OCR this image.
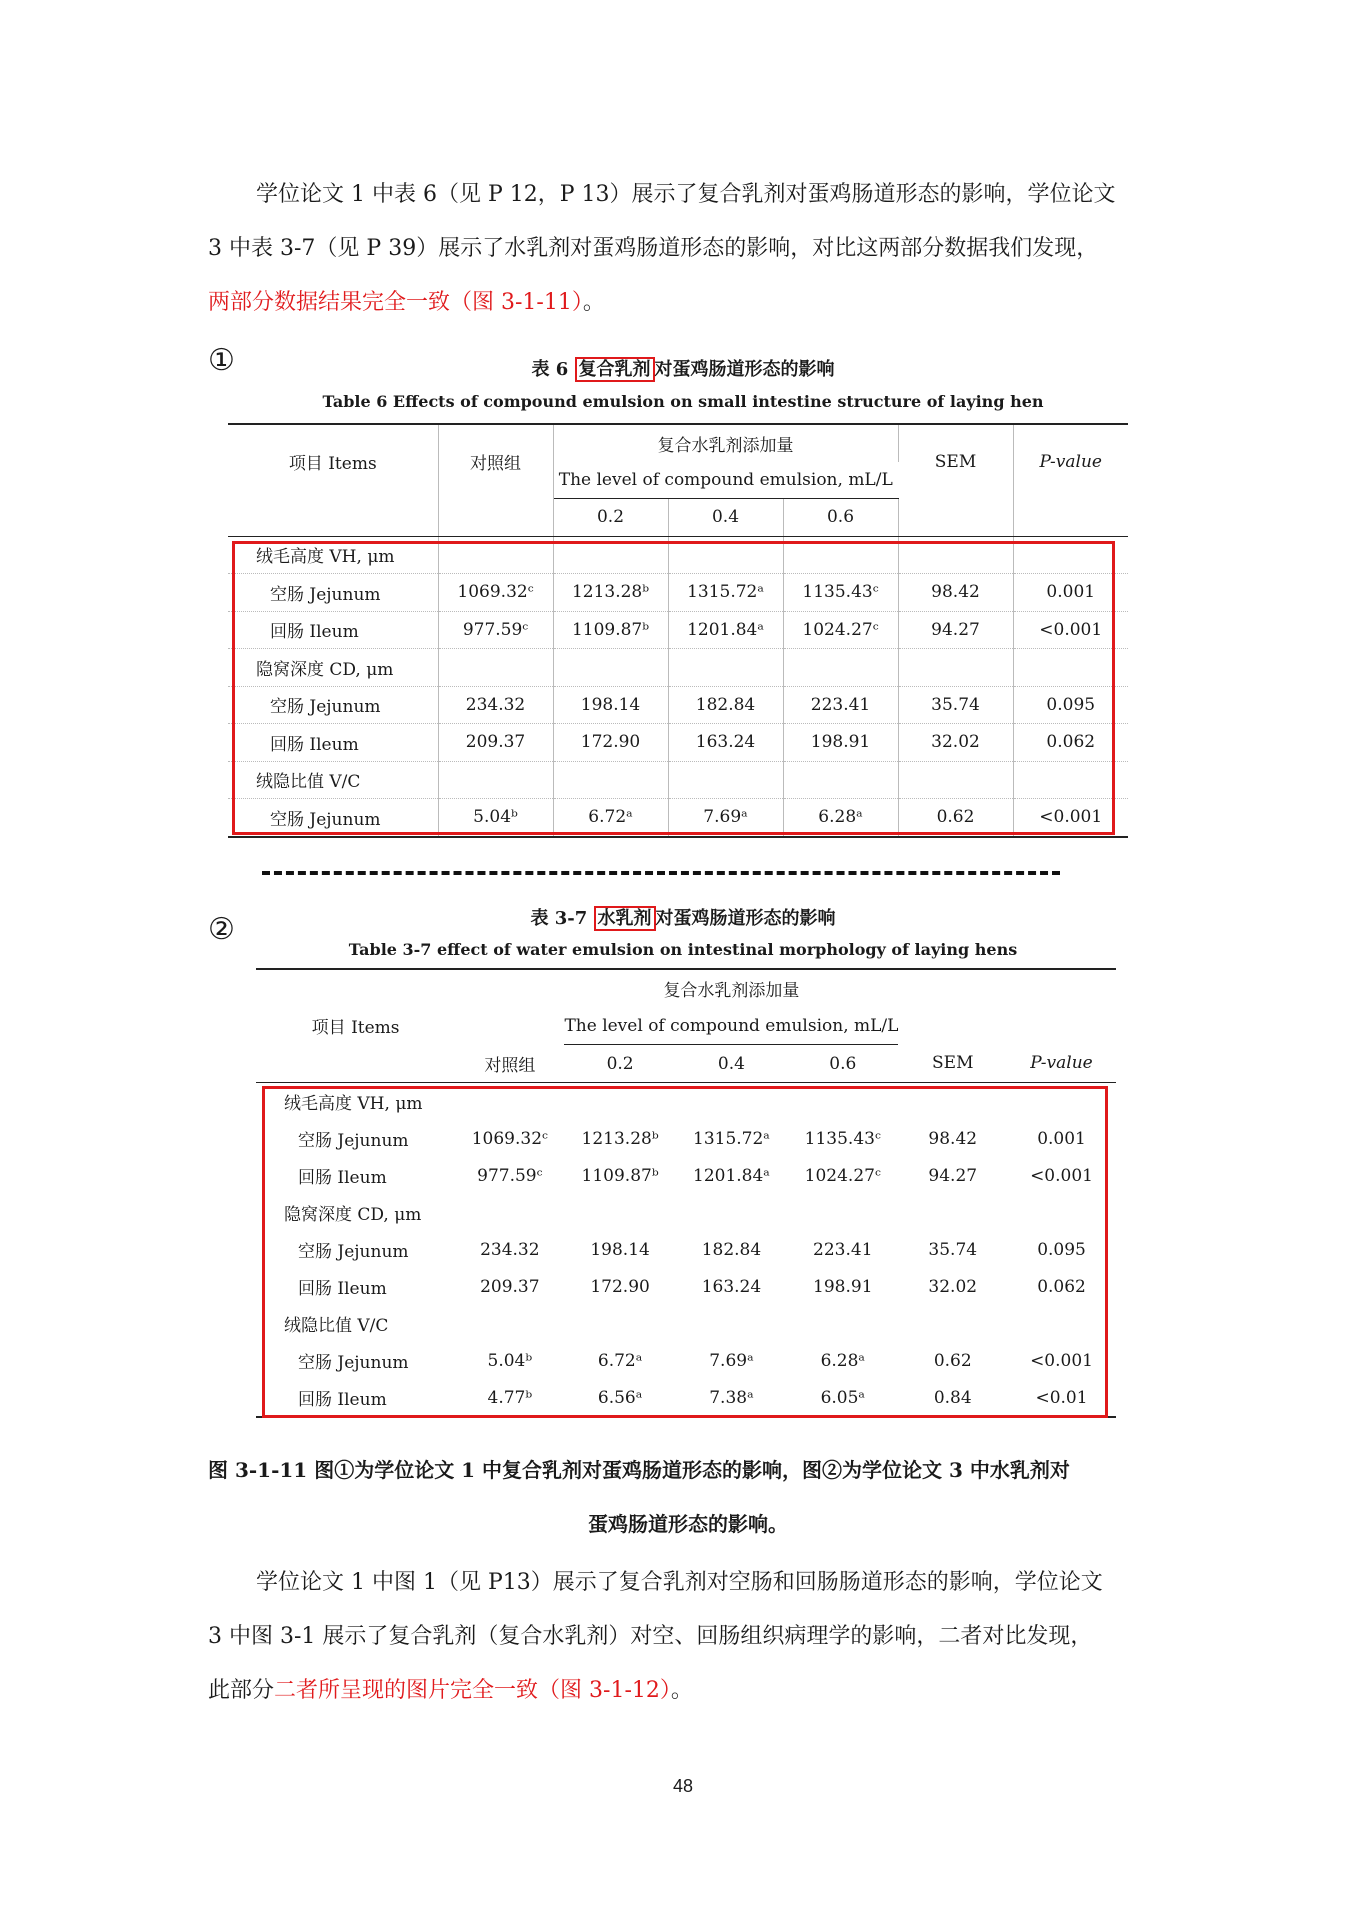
学位论文 1 中表 6（见 P 12，P 13）展示了复合乳剂对蛋鸡肠道形态的影响，学位论文

3 中表 3-7（见 P 39）展示了水乳剂对蛋鸡肠道形态的影响，对比这两部分数据我们发现，

两部分数据结果完全一致（图 3-1-11）。

①	表 6 复合乳剂 对蛋鸡肠道形态的影响
Table 6 Effects of compound emulsion on small intestine structure of laying hen
项目 Items	对照组	复合水乳剂添加量			SEM	P-value
		The level of compound emulsion, mL/L				
		0.2	0.4	0.6		
绒毛高度 VH, μm						
空肠 Jejunum	1069.32ᶜ	1213.28ᵇ	1315.72ᵃ	1135.43ᶜ	98.42	0.001
回肠 Ileum	977.59ᶜ	1109.87ᵇ	1201.84ᵃ	1024.27ᶜ	94.27	<0.001
隐窝深度 CD, μm						
空肠 Jejunum	234.32	198.14	182.84	223.41	35.74	0.095
回肠 Ileum	209.37	172.90	163.24	198.91	32.02	0.062
绒隐比值 V/C						
空肠 Jejunum	5.04ᵇ	6.72ᵃ	7.69ᵃ	6.28ᵃ	0.62	<0.001
②	表 3-7 水乳剂 对蛋鸡肠道形态的影响
Table 3-7 effect of water emulsion on intestinal morphology of laying hens
		复合水乳剂添加量				
项目 Items		The level of compound emulsion, mL/L				
	对照组	0.2	0.4	0.6	SEM	P-value
绒毛高度 VH, μm						
空肠 Jejunum	1069.32ᶜ	1213.28ᵇ	1315.72ᵃ	1135.43ᶜ	98.42	0.001
回肠 Ileum	977.59ᶜ	1109.87ᵇ	1201.84ᵃ	1024.27ᶜ	94.27	<0.001
隐窝深度 CD, μm						
空肠 Jejunum	234.32	198.14	182.84	223.41	35.74	0.095
回肠 Ileum	209.37	172.90	163.24	198.91	32.02	0.062
绒隐比值 V/C						
空肠 Jejunum	5.04ᵇ	6.72ᵃ	7.69ᵃ	6.28ᵃ	0.62	<0.001
回肠 Ileum	4.77ᵇ	6.56ᵃ	7.38ᵃ	6.05ᵃ	0.84	<0.01
图 3-1-11 图①为学位论文 1 中复合乳剂对蛋鸡肠道形态的影响，图②为学位论文 3 中水乳剂对
蛋鸡肠道形态的影响。

学位论文 1 中图 1（见 P13）展示了复合乳剂对空肠和回肠肠道形态的影响，学位论文

3 中图 3-1 展示了复合乳剂（复合水乳剂）对空、回肠组织病理学的影响，二者对比发现，

此部分二者所呈现的图片完全一致（图 3-1-12）。

48
